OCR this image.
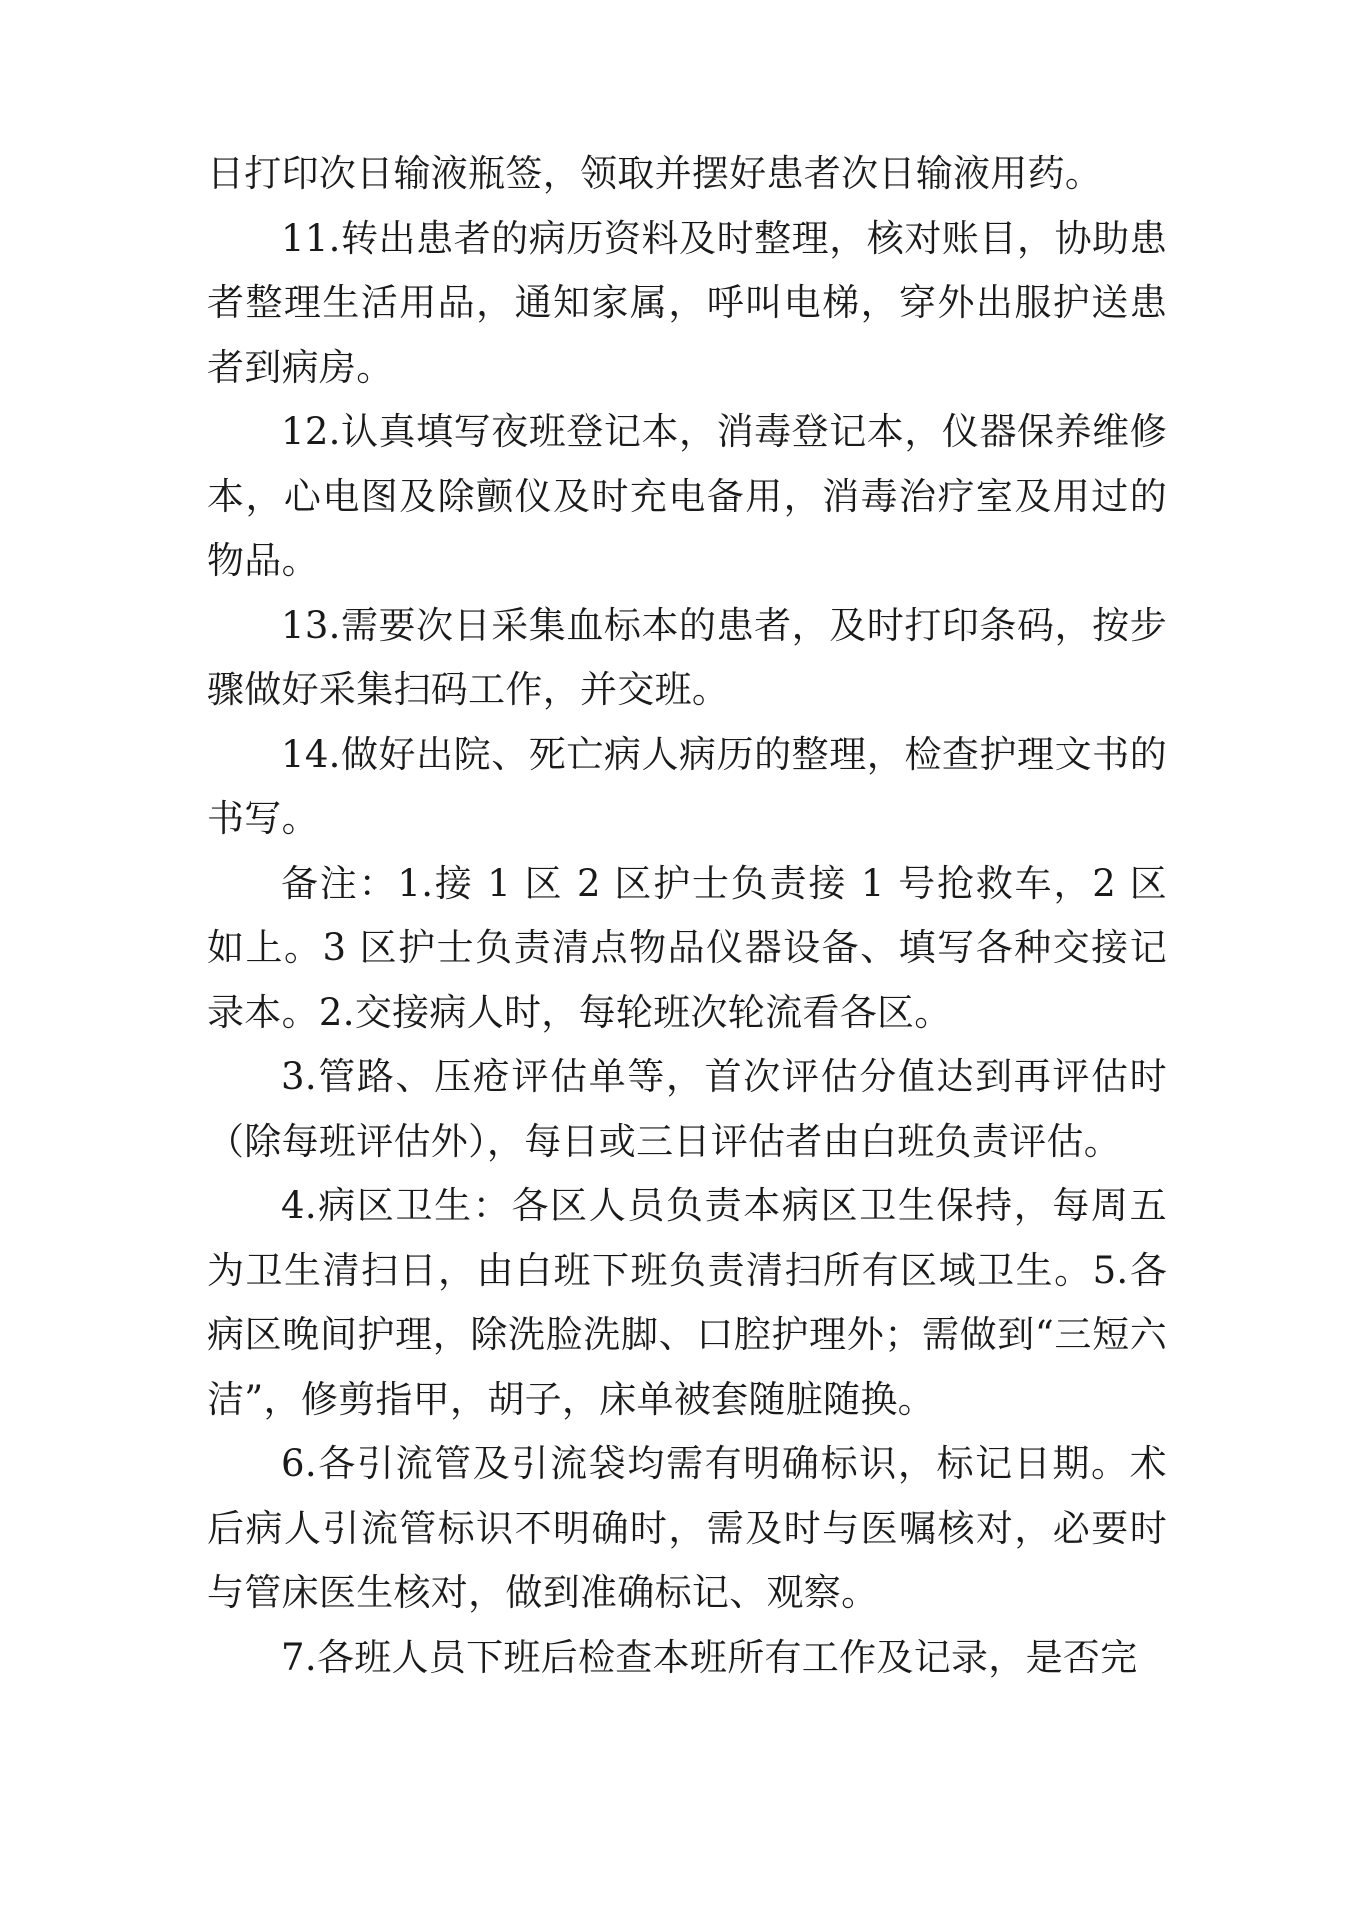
日打印次日输液瓶签，领取并摆好患者次日输液用药。

11.转出患者的病历资料及时整理，核对账目，协助患者整理生活用品，通知家属，呼叫电梯，穿外出服护送患者到病房。

12.认真填写夜班登记本，消毒登记本，仪器保养维修本，心电图及除颤仪及时充电备用，消毒治疗室及用过的物品。

13.需要次日采集血标本的患者，及时打印条码，按步骤做好采集扫码工作，并交班。

14.做好出院、死亡病人病历的整理，检查护理文书的书写。

备注：1.接 1 区 2 区护士负责接 1 号抢救车，2 区如上。3 区护士负责清点物品仪器设备、填写各种交接记录本。2.交接病人时，每轮班次轮流看各区。

3.管路、压疮评估单等，首次评估分值达到再评估时（除每班评估外），每日或三日评估者由白班负责评估。

4.病区卫生：各区人员负责本病区卫生保持，每周五为卫生清扫日，由白班下班负责清扫所有区域卫生。5.各病区晚间护理，除洗脸洗脚、口腔护理外；需做到“三短六洁”，修剪指甲，胡子，床单被套随脏随换。

6.各引流管及引流袋均需有明确标识，标记日期。术后病人引流管标识不明确时，需及时与医嘱核对，必要时与管床医生核对，做到准确标记、观察。

7.各班人员下班后检查本班所有工作及记录，是否完
